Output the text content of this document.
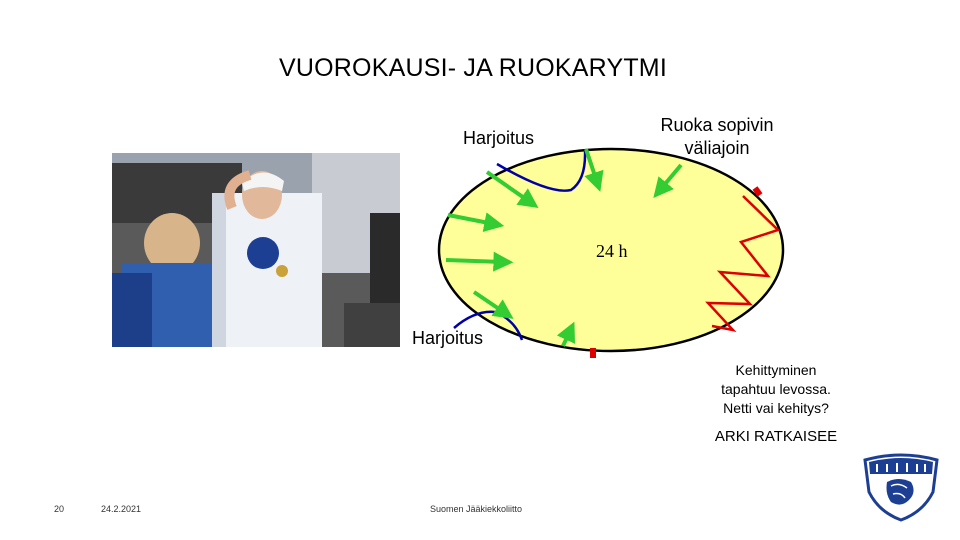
VUOROKAUSI- JA RUOKARYTMI
Harjoitus
Ruoka sopivin väliajoin
Harjoitus
24 h
Kehittyminen
tapahtuu levossa.
Netti vai kehitys?
ARKI RATKAISEE
20	24.2.2021	Suomen Jääkiekkoliitto
